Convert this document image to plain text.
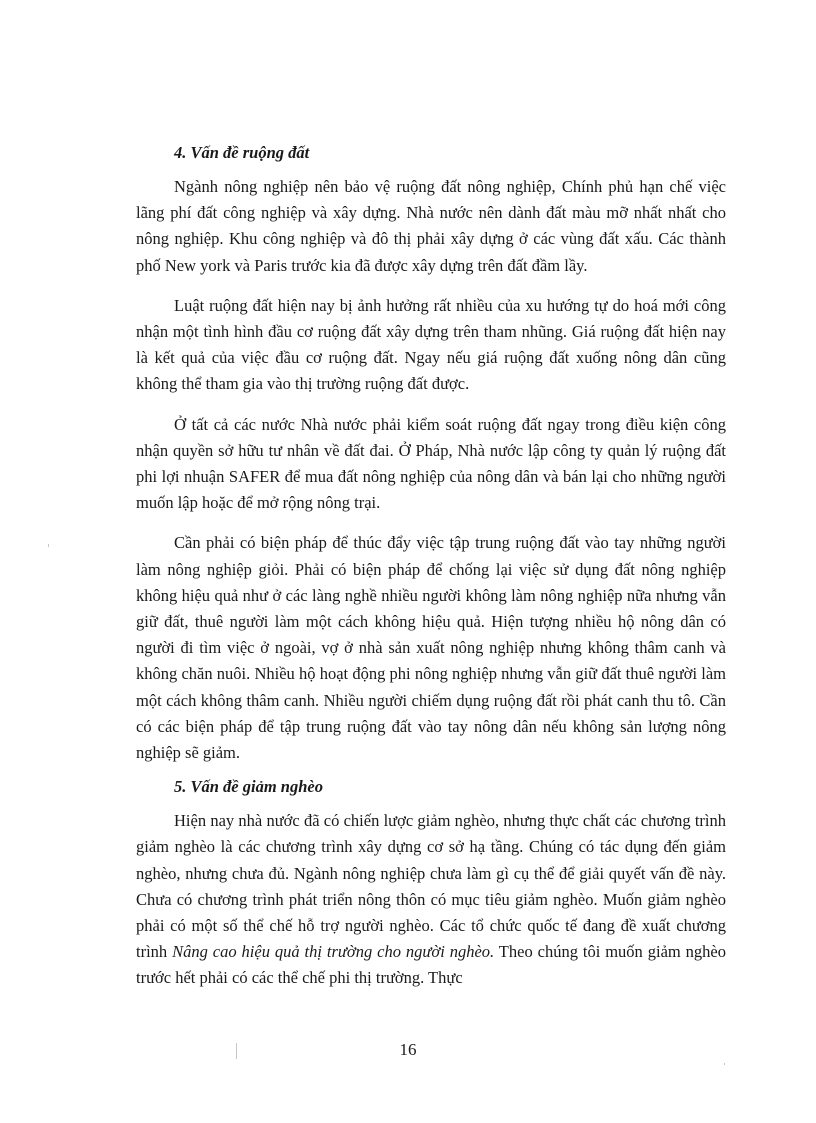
4. Vấn đề ruộng đất

Ngành nông nghiệp nên bảo vệ ruộng đất nông nghiệp, Chính phủ hạn chế việc lãng phí đất công nghiệp và xây dựng. Nhà nước nên dành đất màu mỡ nhất nhất cho nông nghiệp. Khu công nghiệp và đô thị phải xây dựng ở các vùng đất xấu. Các thành phố New york và Paris trước kia đã được xây dựng trên đất đầm lầy.

Luật ruộng đất hiện nay bị ảnh hưởng rất nhiều của xu hướng tự do hoá mới công nhận một tình hình đầu cơ ruộng đất xây dựng trên tham nhũng. Giá ruộng đất hiện nay là kết quả của việc đầu cơ ruộng đất. Ngay nếu giá ruộng đất xuống nông dân cũng không thể tham gia vào thị trường ruộng đất được.

Ở tất cả các nước Nhà nước phải kiểm soát ruộng đất ngay trong điều kiện công nhận quyền sở hữu tư nhân về đất đai. Ở Pháp, Nhà nước lập công ty quản lý ruộng đất phi lợi nhuận SAFER để mua đất nông nghiệp của nông dân và bán lại cho những người muốn lập hoặc để mở rộng nông trại.

Cần phải có biện pháp để thúc đẩy việc tập trung ruộng đất vào tay những người làm nông nghiệp giỏi. Phải có biện pháp để chống lại việc sử dụng đất nông nghiệp không hiệu quả như ở các làng nghề nhiều người không làm nông nghiệp nữa nhưng vẫn giữ đất, thuê người làm một cách không hiệu quả. Hiện tượng nhiều hộ nông dân có người đi tìm việc ở ngoài, vợ ở nhà sản xuất nông nghiệp nhưng không thâm canh và không chăn nuôi. Nhiều hộ hoạt động phi nông nghiệp nhưng vẫn giữ đất thuê người làm một cách không thâm canh. Nhiều người chiếm dụng ruộng đất rồi phát canh thu tô. Cần có các biện pháp để tập trung ruộng đất vào tay nông dân nếu không sản lượng nông nghiệp sẽ giảm.

5. Vấn đề giảm nghèo

Hiện nay nhà nước đã có chiến lược giảm nghèo, nhưng thực chất các chương trình giảm nghèo là các chương trình xây dựng cơ sở hạ tầng. Chúng có tác dụng đến giảm nghèo, nhưng chưa đủ. Ngành nông nghiệp chưa làm gì cụ thể để giải quyết vấn đề này. Chưa có chương trình phát triển nông thôn có mục tiêu giảm nghèo. Muốn giảm nghèo phải có một số thể chế hỗ trợ người nghèo. Các tổ chức quốc tế đang đề xuất chương trình Nâng cao hiệu quả thị trường cho người nghèo. Theo chúng tôi muốn giảm nghèo trước hết phải có các thể chế phi thị trường. Thực

16
